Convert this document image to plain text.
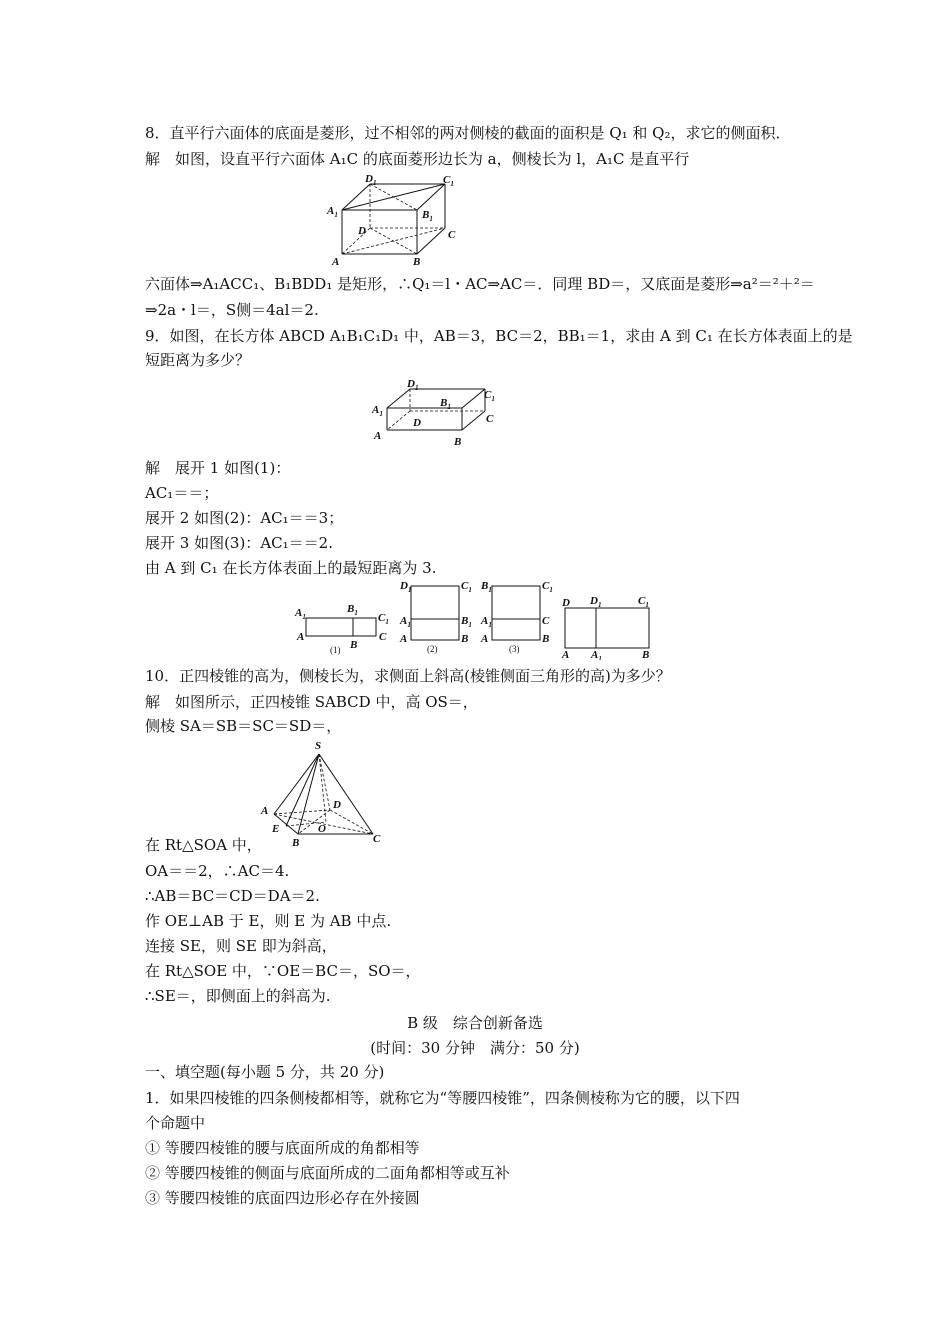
8．直平行六面体的底面是菱形，过不相邻的两对侧棱的截面的面积是 Q₁ 和 Q₂，求它的侧面积．
解　如图，设直平行六面体 A₁C 的底面菱形边长为 a，侧棱长为 l，A₁C 是直平行
$D_1$	$C_1$
$A_1$	$B_1$
D	C
A	B
六面体⇒A₁ACC₁、B₁BDD₁ 是矩形，∴Q₁＝l・AC⇒AC＝．同理 BD＝，又底面是菱形⇒a²＝²＋²＝
⇒2a・l＝，S侧＝4al＝2.
9．如图，在长方体 ABCD A₁B₁C₁D₁ 中，AB＝3，BC＝2，BB₁＝1，求由 A 到 C₁ 在长方体表面上的是
短距离为多少？
$D_1$
$C_1$
$A_1$
$B_1$
D	C
A	B
解　展开 1 如图(1)：
AC₁＝＝；
展开 2 如图(2)：AC₁＝＝3；
展开 3 如图(3)：AC₁＝＝2.
由 A 到 C₁ 在长方体表面上的最短距离为 3.
$A_1$
$B_1$ $C_1$
A
B
C
(1)
$D_1$	$C_1$
$A_1$	$B_1$
A	B
(2)
$B_1$	$C_1$
$A_1$	C
A	B
(3)
D $D_1$	$C_1$
A $A_1$	B
10．正四棱锥的高为，侧棱长为，求侧面上斜高(棱锥侧面三角形的高)为多少？
解　如图所示，正四棱锥 SABCD 中，高 OS＝，
侧棱 SA＝SB＝SC＝SD＝，
S
A	D
E	O
B	C
在 Rt△SOA 中，
OA＝＝2，∴AC＝4.
∴AB＝BC＝CD＝DA＝2.
作 OE⊥AB 于 E，则 E 为 AB 中点.
连接 SE，则 SE 即为斜高，
在 Rt△SOE 中，∵OE＝BC＝，SO＝，
∴SE＝，即侧面上的斜高为.
B 级　综合创新备选
(时间：30 分钟　满分：50 分)
一、填空题(每小题 5 分，共 20 分)
1．如果四棱锥的四条侧棱都相等，就称它为“等腰四棱锥”，四条侧棱称为它的腰，以下四
个命题中
① 等腰四棱锥的腰与底面所成的角都相等
② 等腰四棱锥的侧面与底面所成的二面角都相等或互补
③ 等腰四棱锥的底面四边形必存在外接圆
